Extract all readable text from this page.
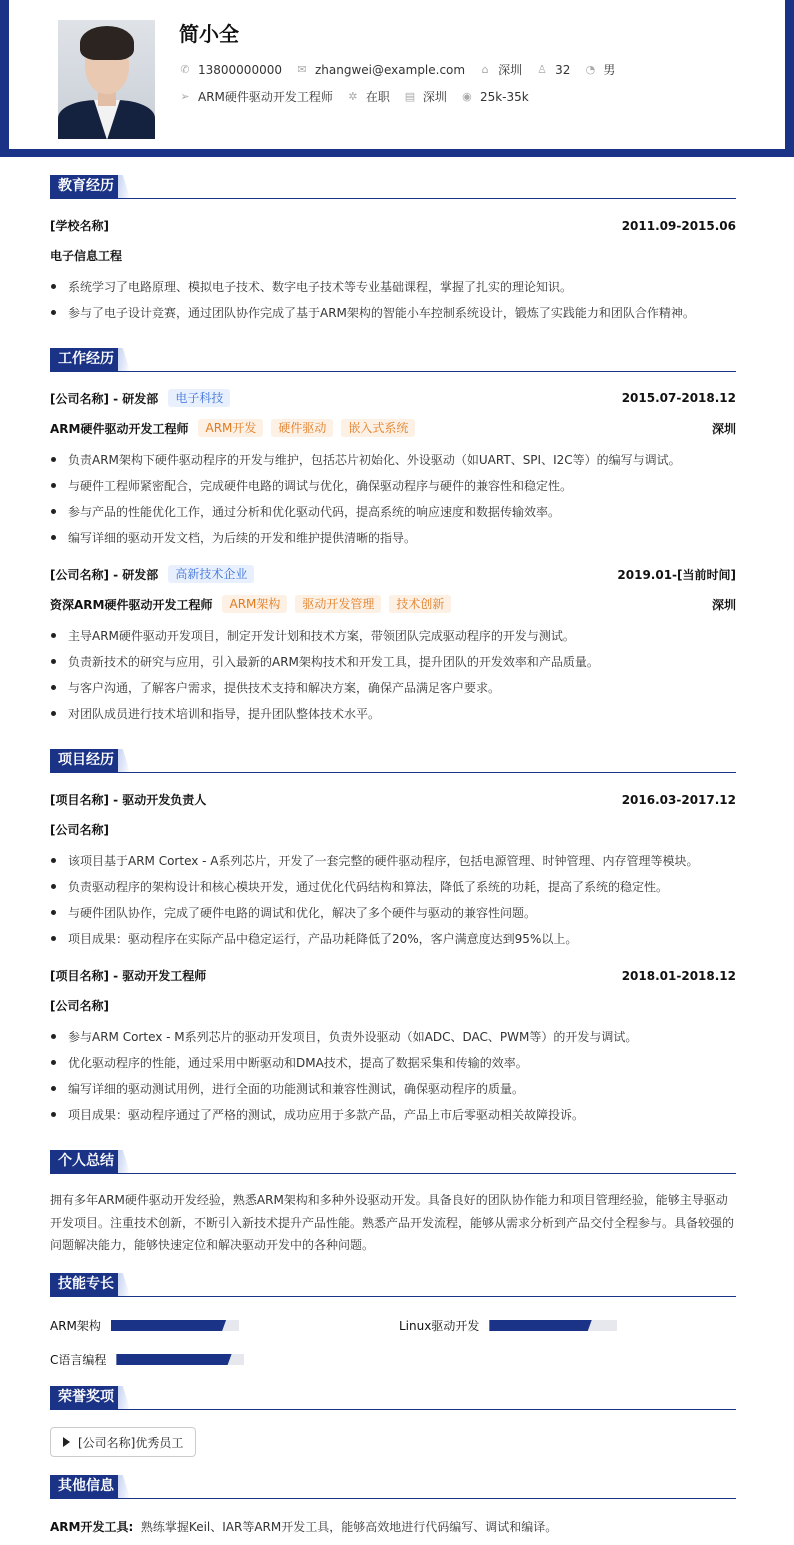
简小全
✆ 13800000000 ✉ zhangwei@example.com ⌂ 深圳 ♙ 32 ◔ 男
➢ ARM硬件驱动开发工程师 ✲ 在职 ▤ 深圳 ◉ 25k-35k
教育经历
[学校名称]	2011.09-2015.06
电子信息工程
系统学习了电路原理、模拟电子技术、数字电子技术等专业基础课程，掌握了扎实的理论知识。
参与了电子设计竞赛，通过团队协作完成了基于ARM架构的智能小车控制系统设计，锻炼了实践能力和团队合作精神。
工作经历
[公司名称] - 研发部	电子科技	2015.07-2018.12
ARM硬件驱动开发工程师	ARM开发	硬件驱动	嵌入式系统	深圳
负责ARM架构下硬件驱动程序的开发与维护，包括芯片初始化、外设驱动（如UART、SPI、I2C等）的编写与调试。
与硬件工程师紧密配合，完成硬件电路的调试与优化，确保驱动程序与硬件的兼容性和稳定性。
参与产品的性能优化工作，通过分析和优化驱动代码，提高系统的响应速度和数据传输效率。
编写详细的驱动开发文档，为后续的开发和维护提供清晰的指导。
[公司名称] - 研发部	高新技术企业	2019.01-[当前时间]
资深ARM硬件驱动开发工程师	ARM架构	驱动开发管理	技术创新	深圳
主导ARM硬件驱动开发项目，制定开发计划和技术方案，带领团队完成驱动程序的开发与测试。
负责新技术的研究与应用，引入最新的ARM架构技术和开发工具，提升团队的开发效率和产品质量。
与客户沟通，了解客户需求，提供技术支持和解决方案，确保产品满足客户要求。
对团队成员进行技术培训和指导，提升团队整体技术水平。
项目经历
[项目名称] - 驱动开发负责人	2016.03-2017.12
[公司名称]
该项目基于ARM Cortex - A系列芯片，开发了一套完整的硬件驱动程序，包括电源管理、时钟管理、内存管理等模块。
负责驱动程序的架构设计和核心模块开发，通过优化代码结构和算法，降低了系统的功耗，提高了系统的稳定性。
与硬件团队协作，完成了硬件电路的调试和优化，解决了多个硬件与驱动的兼容性问题。
项目成果：驱动程序在实际产品中稳定运行，产品功耗降低了20%，客户满意度达到95%以上。
[项目名称] - 驱动开发工程师	2018.01-2018.12
[公司名称]
参与ARM Cortex - M系列芯片的驱动开发项目，负责外设驱动（如ADC、DAC、PWM等）的开发与调试。
优化驱动程序的性能，通过采用中断驱动和DMA技术，提高了数据采集和传输的效率。
编写详细的驱动测试用例，进行全面的功能测试和兼容性测试，确保驱动程序的质量。
项目成果：驱动程序通过了严格的测试，成功应用于多款产品，产品上市后零驱动相关故障投诉。
个人总结
拥有多年ARM硬件驱动开发经验，熟悉ARM架构和多种外设驱动开发。具备良好的团队协作能力和项目管理经验，能够主导驱动开发项目。注重技术创新，不断引入新技术提升产品性能。熟悉产品开发流程，能够从需求分析到产品交付全程参与。具备较强的问题解决能力，能够快速定位和解决驱动开发中的各种问题。
技能专长
ARM架构	Linux驱动开发
C语言编程
荣誉奖项
[公司名称]优秀员工
其他信息
ARM开发工具: 熟练掌握Keil、IAR等ARM开发工具，能够高效地进行代码编写、调试和编译。
